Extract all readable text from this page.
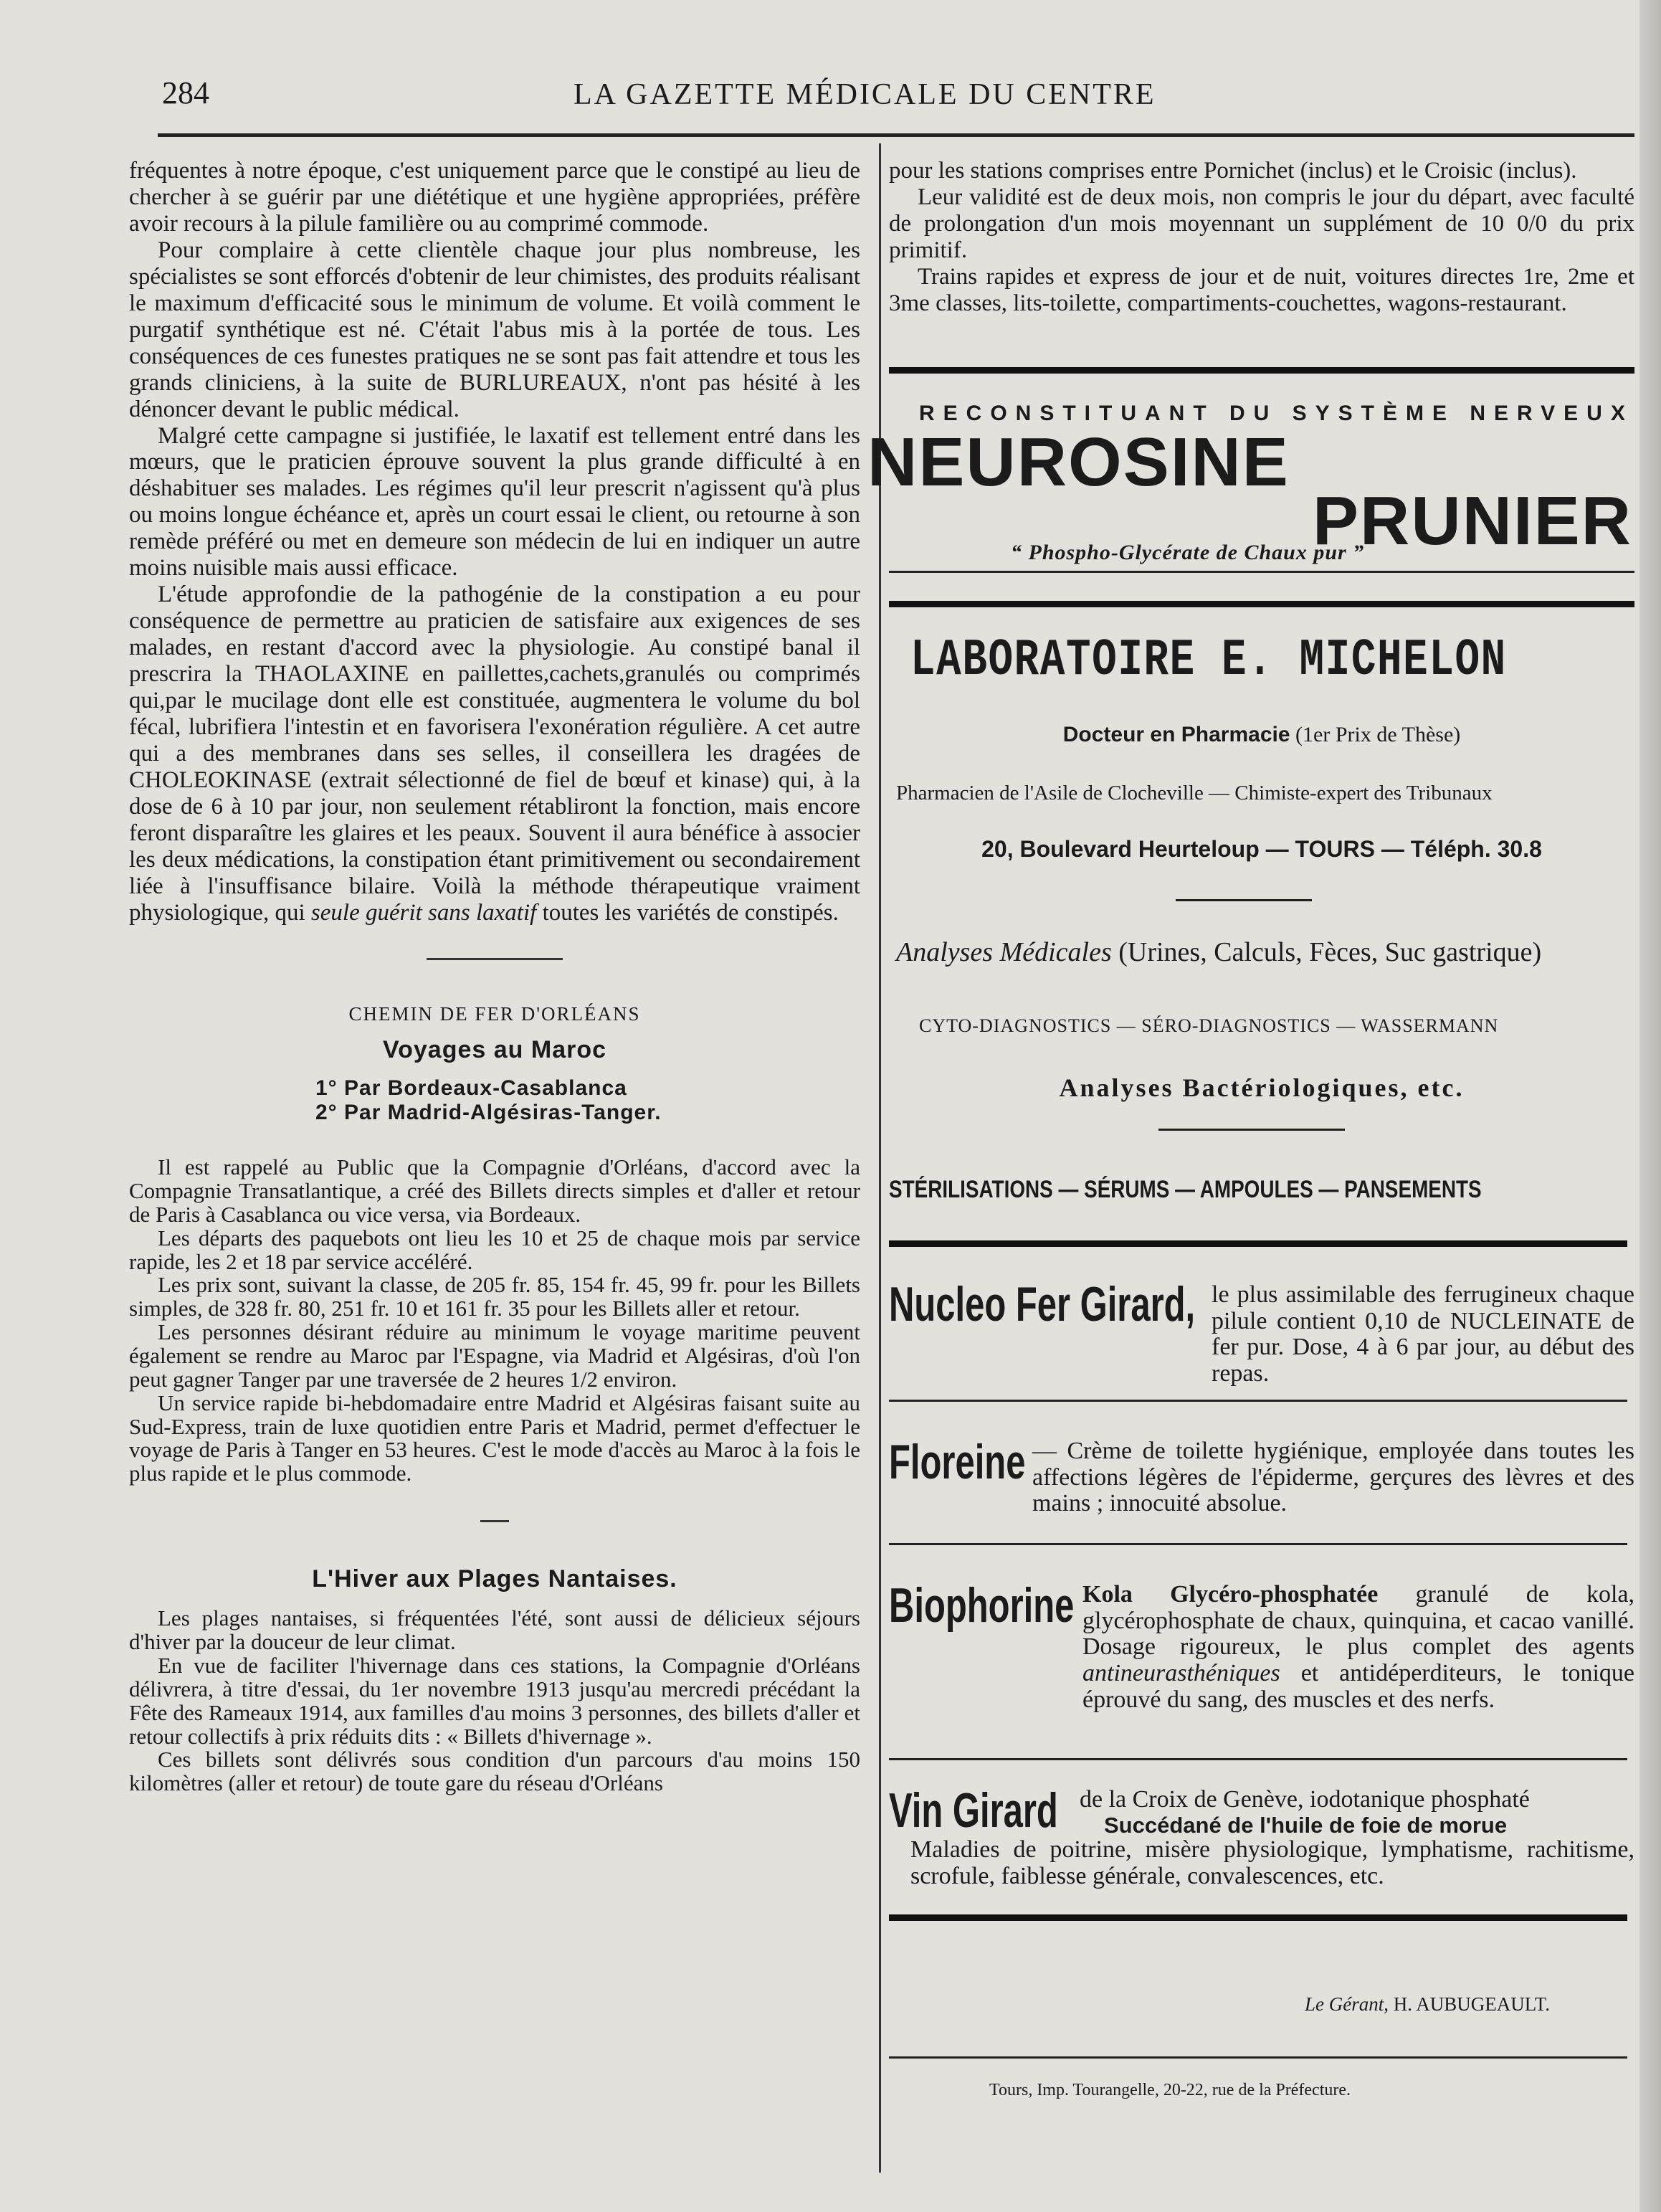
284	LA GAZETTE MÉDICALE DU CENTRE

fréquentes à notre époque, c'est uniquement parce que le constipé au lieu de chercher à se guérir par une diététique et une hygiène appropriées, préfère avoir recours à la pilule familière ou au comprimé commode.

Pour complaire à cette clientèle chaque jour plus nombreuse, les spécialistes se sont efforcés d'obtenir de leur chimistes, des produits réalisant le maximum d'efficacité sous le minimum de volume. Et voilà comment le purgatif synthétique est né. C'était l'abus mis à la portée de tous. Les conséquences de ces funestes pratiques ne se sont pas fait attendre et tous les grands cliniciens, à la suite de BURLUREAUX, n'ont pas hésité à les dénoncer devant le public médical.

Malgré cette campagne si justifiée, le laxatif est tellement entré dans les mœurs, que le praticien éprouve souvent la plus grande difficulté à en déshabituer ses malades. Les régimes qu'il leur prescrit n'agissent qu'à plus ou moins longue échéance et, après un court essai le client, ou retourne à son remède préféré ou met en demeure son médecin de lui en indiquer un autre moins nuisible mais aussi efficace.

L'étude approfondie de la pathogénie de la constipation a eu pour conséquence de permettre au praticien de satisfaire aux exigences de ses malades, en restant d'accord avec la physiologie. Au constipé banal il prescrira la THAOLAXINE en paillettes,cachets,granulés ou comprimés qui,par le mucilage dont elle est constituée, augmentera le volume du bol fécal, lubrifiera l'intestin et en favorisera l'exonération régulière. A cet autre qui a des membranes dans ses selles, il conseillera les dragées de CHOLEOKINASE (extrait sélectionné de fiel de bœuf et kinase) qui, à la dose de 6 à 10 par jour, non seulement rétabliront la fonction, mais encore feront disparaître les glaires et les peaux. Souvent il aura bénéfice à associer les deux médications, la constipation étant primitivement ou secondairement liée à l'insuffisance bilaire. Voilà la méthode thérapeutique vraiment physiologique, qui seule guérit sans laxatif toutes les variétés de constipés.

CHEMIN DE FER D'ORLÉANS
Voyages au Maroc
1° Par Bordeaux-Casablanca
2° Par Madrid-Algésiras-Tanger.

Il est rappelé au Public que la Compagnie d'Orléans, d'accord avec la Compagnie Transatlantique, a créé des Billets directs simples et d'aller et retour de Paris à Casablanca ou vice versa, via Bordeaux.

Les départs des paquebots ont lieu les 10 et 25 de chaque mois par service rapide, les 2 et 18 par service accéléré.

Les prix sont, suivant la classe, de 205 fr. 85, 154 fr. 45, 99 fr. pour les Billets simples, de 328 fr. 80, 251 fr. 10 et 161 fr. 35 pour les Billets aller et retour.

Les personnes désirant réduire au minimum le voyage maritime peuvent également se rendre au Maroc par l'Espagne, via Madrid et Algésiras, d'où l'on peut gagner Tanger par une traversée de 2 heures 1/2 environ.

Un service rapide bi-hebdomadaire entre Madrid et Algésiras faisant suite au Sud-Express, train de luxe quotidien entre Paris et Madrid, permet d'effectuer le voyage de Paris à Tanger en 53 heures. C'est le mode d'accès au Maroc à la fois le plus rapide et le plus commode.

L'Hiver aux Plages Nantaises.

Les plages nantaises, si fréquentées l'été, sont aussi de délicieux séjours d'hiver par la douceur de leur climat.

En vue de faciliter l'hivernage dans ces stations, la Compagnie d'Orléans délivrera, à titre d'essai, du 1er novembre 1913 jusqu'au mercredi précédant la Fête des Rameaux 1914, aux familles d'au moins 3 personnes, des billets d'aller et retour collectifs à prix réduits dits : « Billets d'hivernage ».

Ces billets sont délivrés sous condition d'un parcours d'au moins 150 kilomètres (aller et retour) de toute gare du réseau d'Orléans

pour les stations comprises entre Pornichet (inclus) et le Croisic (inclus).

Leur validité est de deux mois, non compris le jour du départ, avec faculté de prolongation d'un mois moyennant un supplément de 10 0/0 du prix primitif.

Trains rapides et express de jour et de nuit, voitures directes 1re, 2me et 3me classes, lits-toilette, compartiments-couchettes, wagons-restaurant.

RECONSTITUANT DU SYSTÈME NERVEUX
NEUROSINE
PRUNIER
“ Phospho-Glycérate de Chaux pur ”
LABORATOIRE E. MICHELON
Docteur en Pharmacie (1er Prix de Thèse)
Pharmacien de l'Asile de Clocheville — Chimiste-expert des Tribunaux
20, Boulevard Heurteloup — TOURS — Téléph. 30.8
Analyses Médicales (Urines, Calculs, Fèces, Suc gastrique)
CYTO-DIAGNOSTICS — SÉRO-DIAGNOSTICS — WASSERMANN
Analyses Bactériologiques, etc.
STÉRILISATIONS — SÉRUMS — AMPOULES — PANSEMENTS
Nucleo Fer Girard, le plus assimilable des ferrugineux chaque pilule contient 0,10 de NUCLEINATE de fer pur. Dose, 4 à 6 par jour, au début des repas.
Floreine — Crème de toilette hygiénique, employée dans toutes les affections légères de l'épiderme, gerçures des lèvres et des mains ; innocuité absolue.
Biophorine Kola Glycéro-phosphatée granulé de kola, glycérophosphate de chaux, quinquina, et cacao vanillé. Dosage rigoureux, le plus complet des agents antineurasthéniques et antidéperditeurs, le tonique éprouvé du sang, des muscles et des nerfs.
Vin Girard de la Croix de Genève, iodotanique phosphaté
Succédané de l'huile de foie de morue
Maladies de poitrine, misère physiologique, lymphatisme, rachitisme, scrofule, faiblesse générale, convalescences, etc.
Le Gérant, H. AUBUGEAULT.
Tours, Imp. Tourangelle, 20-22, rue de la Préfecture.
